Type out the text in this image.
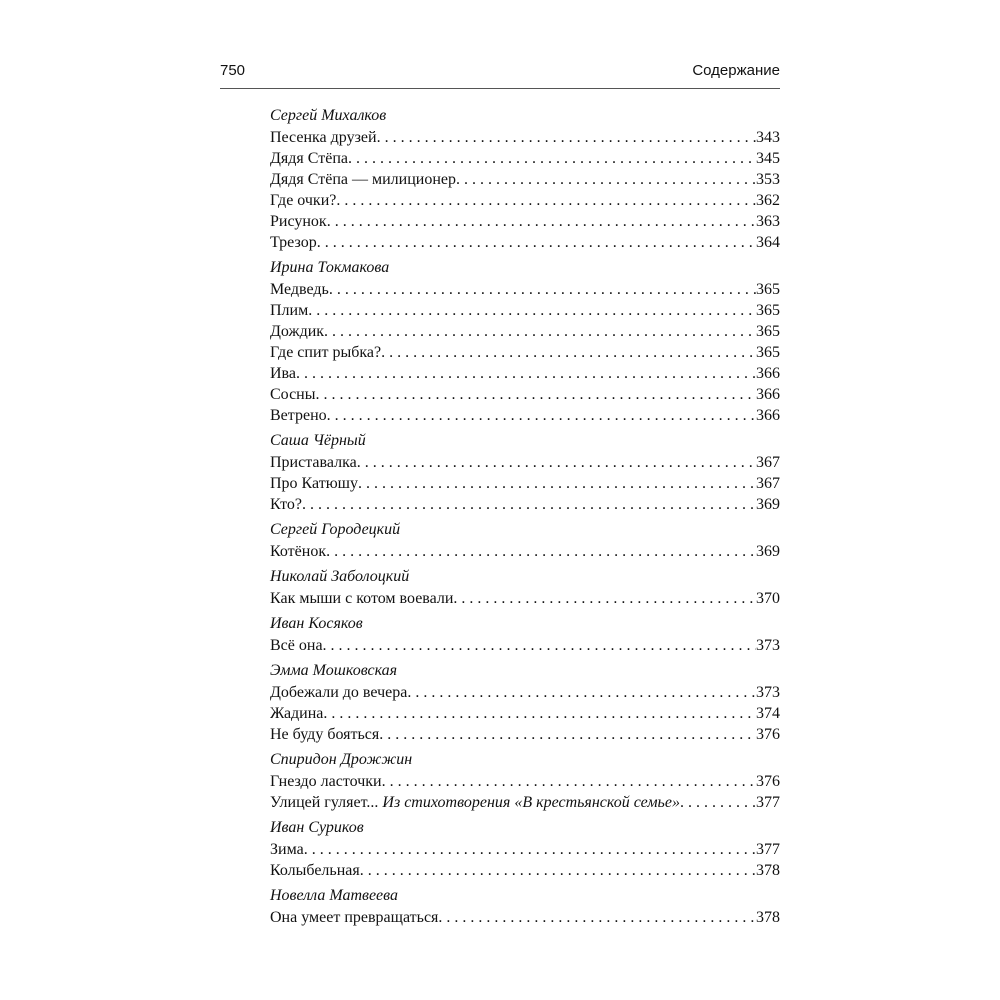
750	Содержание
Сергей Михалков
Песенка друзей . . .	343
Дядя Стёпа . . .	345
Дядя Стёпа — милиционер . . .	353
Где очки? . . .	362
Рисунок . . .	363
Трезор . . .	364
Ирина Токмакова
Медведь . . .	365
Плим . . .	365
Дождик . . .	365
Где спит рыбка? . . .	365
Ива . . .	366
Сосны . . .	366
Ветрено . . .	366
Саша Чёрный
Приставалка . . .	367
Про Катюшу . . .	367
Кто? . . .	369
Сергей Городецкий
Котёнок . . .	369
Николай Заболоцкий
Как мыши с котом воевали . . .	370
Иван Косяков
Всё она . . .	373
Эмма Мошковская
Добежали до вечера . . .	373
Жадина . . .	374
Не буду бояться . . .	376
Спиридон Дрожжин
Гнездо ласточки . . .	376
Улицей гуляет... Из стихотворения «В крестьянской семье» . . .	377
Иван Суриков
Зима . . .	377
Колыбельная . . .	378
Новелла Матвеева
Она умеет превращаться . . .	378
